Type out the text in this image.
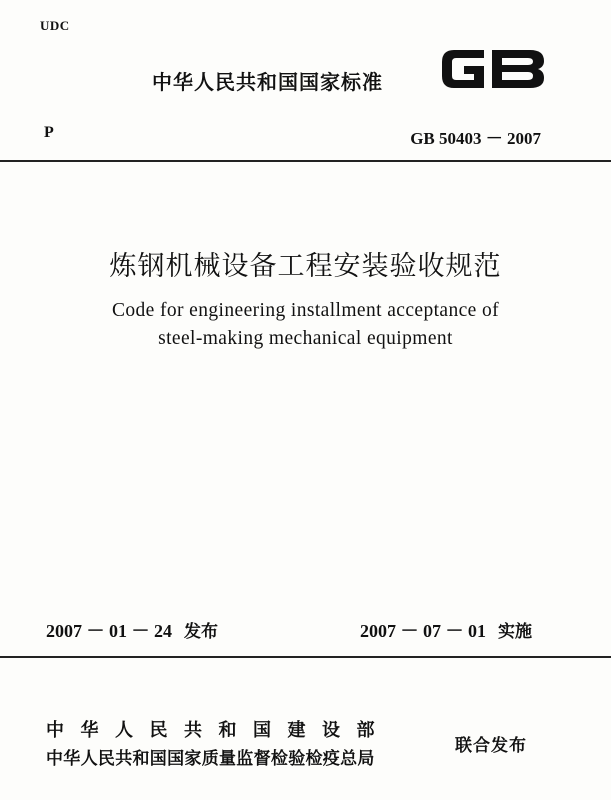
UDC
中华人民共和国国家标准
P	GB 50403 － 2007
炼钢机械设备工程安装验收规范
Code for engineering installment acceptance of
steel-making mechanical equipment
2007 － 01 － 24 发布	2007 － 07 － 01 实施
中华人民共和国建设部
中华人民共和国国家质量监督检验检疫总局
联合发布
